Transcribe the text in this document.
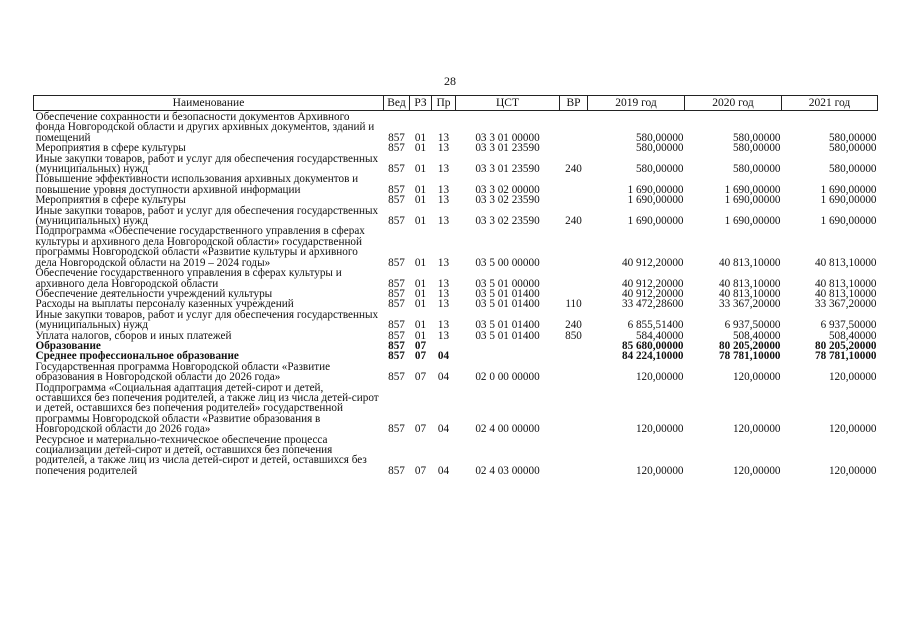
28
Наименование	Вед	РЗ	Пр	ЦСТ	ВР	2019 год	2020 год	2021 год
Обеспечение сохранности и безопасности документов Архивного фонда Новгородской области и других архивных документов, зданий и помещений	857	01	13	03 3 01 00000		580,00000	580,00000	580,00000
Мероприятия в сфере культуры	857	01	13	03 3 01 23590		580,00000	580,00000	580,00000
Иные закупки товаров, работ и услуг для обеспечения государственных (муниципальных) нужд	857	01	13	03 3 01 23590	240	580,00000	580,00000	580,00000
Повышение эффективности использования архивных документов и повышение уровня доступности архивной информации	857	01	13	03 3 02 00000		1 690,00000	1 690,00000	1 690,00000
Мероприятия в сфере культуры	857	01	13	03 3 02 23590		1 690,00000	1 690,00000	1 690,00000
Иные закупки товаров, работ и услуг для обеспечения государственных (муниципальных) нужд	857	01	13	03 3 02 23590	240	1 690,00000	1 690,00000	1 690,00000
Подпрограмма «Обеспечение государственного управления в сферах культуры и архивного дела Новгородской области» государственной программы Новгородской области «Развитие культуры и архивного дела Новгородской области на 2019 – 2024 годы»	857	01	13	03 5 00 00000		40 912,20000	40 813,10000	40 813,10000
Обеспечение государственного управления в сферах культуры и архивного дела Новгородской области	857	01	13	03 5 01 00000		40 912,20000	40 813,10000	40 813,10000
Обеспечение деятельности учреждений культуры	857	01	13	03 5 01 01400		40 912,20000	40 813,10000	40 813,10000
Расходы на выплаты персоналу казенных учреждений	857	01	13	03 5 01 01400	110	33 472,28600	33 367,20000	33 367,20000
Иные закупки товаров, работ и услуг для обеспечения государственных (муниципальных) нужд	857	01	13	03 5 01 01400	240	6 855,51400	6 937,50000	6 937,50000
Уплата налогов, сборов и иных платежей	857	01	13	03 5 01 01400	850	584,40000	508,40000	508,40000
Образование	857	07				85 680,00000	80 205,20000	80 205,20000
Среднее профессиональное образование	857	07	04			84 224,10000	78 781,10000	78 781,10000
Государственная программа Новгородской области «Развитие образования в Новгородской области до 2026 года»	857	07	04	02 0 00 00000		120,00000	120,00000	120,00000
Подпрограмма «Социальная адаптация детей-сирот и детей, оставшихся без попечения родителей, а также лиц из числа детей-сирот и детей, оставшихся без попечения родителей» государственной программы Новгородской области «Развитие образования в Новгородской области до 2026 года»	857	07	04	02 4 00 00000		120,00000	120,00000	120,00000
Ресурсное и материально-техническое обеспечение процесса социализации детей-сирот и детей, оставшихся без попечения родителей, а также лиц из числа детей-сирот и детей, оставшихся без попечения родителей	857	07	04	02 4 03 00000		120,00000	120,00000	120,00000
